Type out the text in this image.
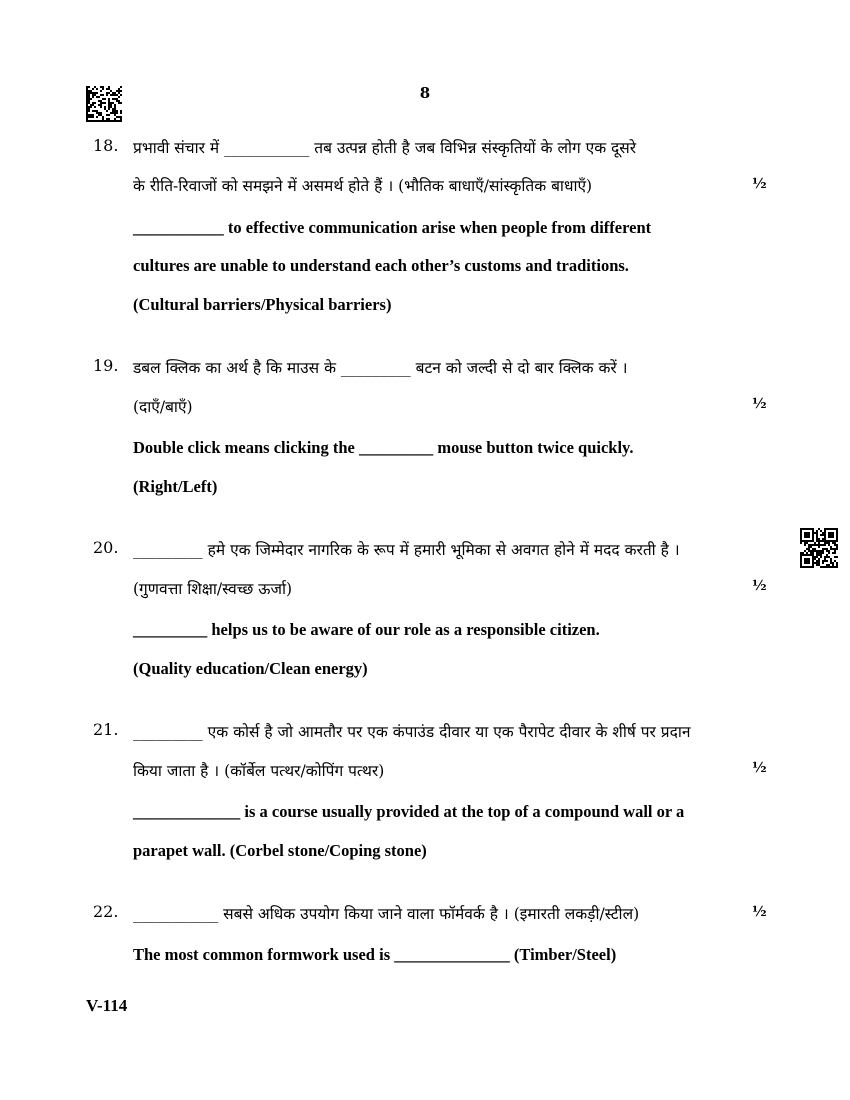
8
18. प्रभावी संचार में ___________ तब उत्पन्न होती है जब विभिन्न संस्कृतियों के लोग एक दूसरे
के रीति-रिवाजों को समझने में असमर्थ होते हैं । (भौतिक बाधाएँ/सांस्कृतिक बाधाएँ)	½
___________ to effective communication arise when people from different
cultures are unable to understand each other’s customs and traditions.
(Cultural barriers/Physical barriers)
19. डबल क्लिक का अर्थ है कि माउस के _________ बटन को जल्दी से दो बार क्लिक करें ।
(दाएँ/बाएँ)	½
Double click means clicking the _________ mouse button twice quickly.
(Right/Left)
20. _________ हमे एक जिम्मेदार नागरिक के रूप में हमारी भूमिका से अवगत होने में मदद करती है ।
(गुणवत्ता शिक्षा/स्वच्छ ऊर्जा)	½
_________ helps us to be aware of our role as a responsible citizen.
(Quality education/Clean energy)
21. _________ एक कोर्स है जो आमतौर पर एक कंपाउंड दीवार या एक पैरापेट दीवार के शीर्ष पर प्रदान
किया जाता है । (कॉर्बेल पत्थर/कोपिंग पत्थर)	½
_____________ is a course usually provided at the top of a compound wall or a
parapet wall. (Corbel stone/Coping stone)
22. ___________ सबसे अधिक उपयोग किया जाने वाला फॉर्मवर्क है । (इमारती लकड़ी/स्टील)	½
The most common formwork used is ______________ (Timber/Steel)
V-114
